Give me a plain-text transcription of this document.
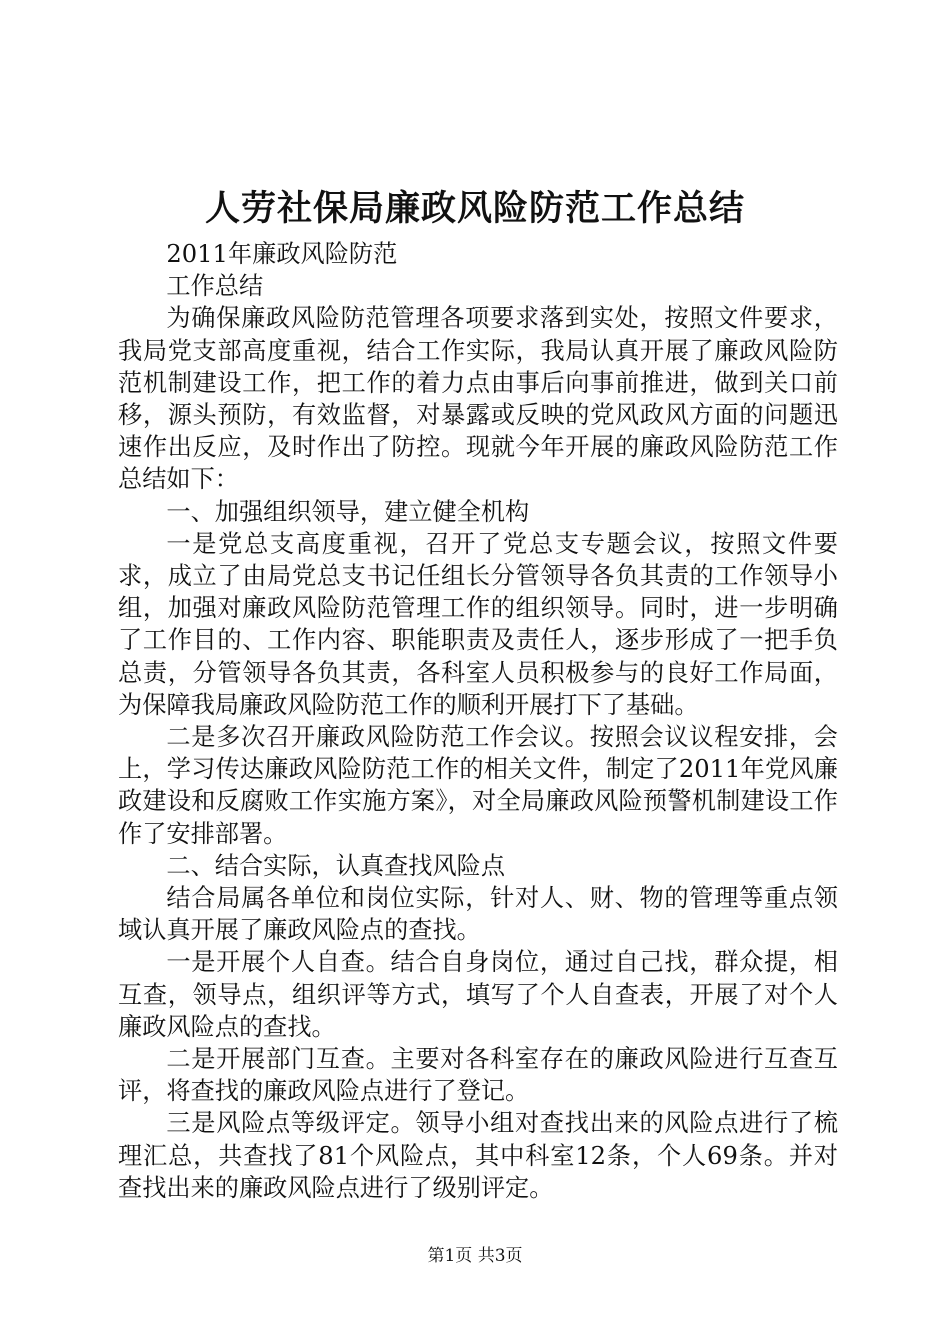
人劳社保局廉政风险防范工作总结

2011年廉政风险防范

工作总结

为确保廉政风险防范管理各项要求落到实处，按照文件要求，我局党支部高度重视，结合工作实际，我局认真开展了廉政风险防范机制建设工作，把工作的着力点由事后向事前推进，做到关口前移，源头预防，有效监督，对暴露或反映的党风政风方面的问题迅速作出反应，及时作出了防控。现就今年开展的廉政风险防范工作总结如下：

一、加强组织领导，建立健全机构

一是党总支高度重视，召开了党总支专题会议，按照文件要求，成立了由局党总支书记任组长分管领导各负其责的工作领导小组，加强对廉政风险防范管理工作的组织领导。同时，进一步明确了工作目的、工作内容、职能职责及责任人，逐步形成了一把手负总责，分管领导各负其责，各科室人员积极参与的良好工作局面，为保障我局廉政风险防范工作的顺利开展打下了基础。

二是多次召开廉政风险防范工作会议。按照会议议程安排，会上，学习传达廉政风险防范工作的相关文件，制定了2011年党风廉政建设和反腐败工作实施方案》，对全局廉政风险预警机制建设工作作了安排部署。

二、结合实际，认真查找风险点

结合局属各单位和岗位实际，针对人、财、物的管理等重点领域认真开展了廉政风险点的查找。

一是开展个人自查。结合自身岗位，通过自己找，群众提，相互查，领导点，组织评等方式，填写了个人自查表，开展了对个人廉政风险点的查找。

二是开展部门互查。主要对各科室存在的廉政风险进行互查互评，将查找的廉政风险点进行了登记。

三是风险点等级评定。领导小组对查找出来的风险点进行了梳理汇总，共查找了81个风险点，其中科室12条，个人69条。并对查找出来的廉政风险点进行了级别评定。

第1页 共3页
